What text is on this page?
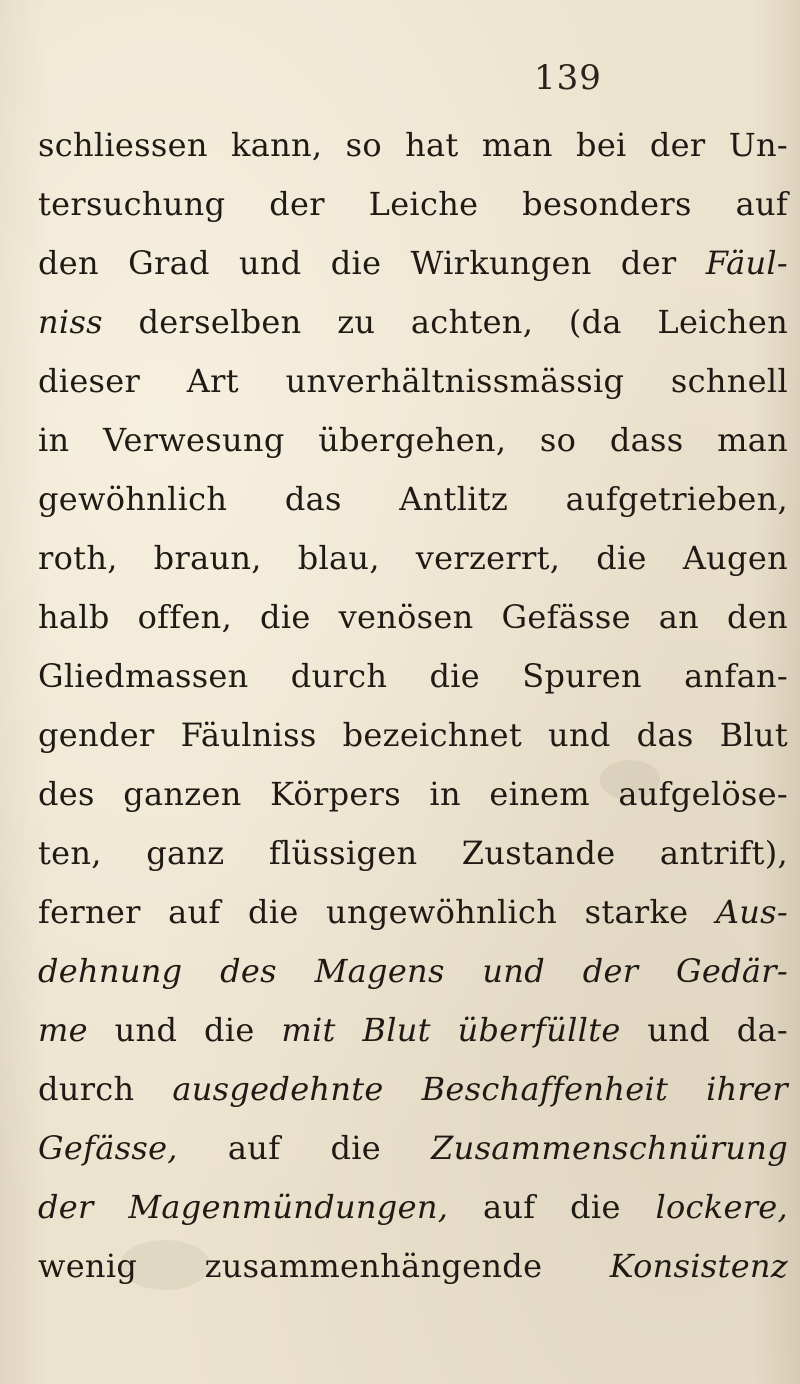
139
schliessen kann, so hat man bei der Un-
tersuchung der Leiche besonders auf
den Grad und die Wirkungen der Fäul-
niss derselben zu achten, (da Leichen
dieser Art unverhältnissmässig schnell
in Verwesung übergehen, so dass man
gewöhnlich das Antlitz aufgetrieben,
roth, braun, blau, verzerrt, die Augen
halb offen, die venösen Gefässe an den
Gliedmassen durch die Spuren anfan-
gender Fäulniss bezeichnet und das Blut
des ganzen Körpers in einem aufgelöse-
ten, ganz flüssigen Zustande antrift),
ferner auf die ungewöhnlich starke Aus-
dehnung des Magens und der Gedär-
me und die mit Blut überfüllte und da-
durch ausgedehnte Beschaffenheit ihrer
Gefässe, auf die Zusammenschnürung
der Magenmündungen, auf die lockere,
wenig zusammenhängende Konsistenz
